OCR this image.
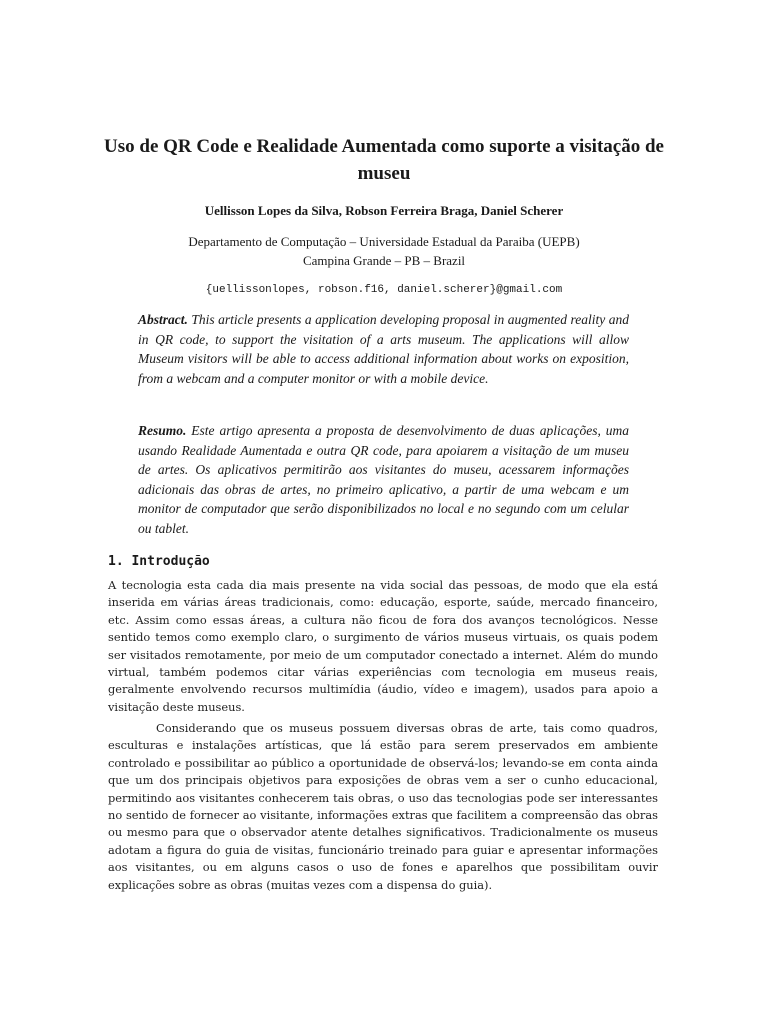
Uso de QR Code e Realidade Aumentada como suporte a visitação de museu

Uellisson Lopes da Silva, Robson Ferreira Braga, Daniel Scherer

Departamento de Computação – Universidade Estadual da Paraiba (UEPB)
Campina Grande – PB – Brazil

{uellissonlopes, robson.f16, daniel.scherer}@gmail.com

Abstract. This article presents a application developing proposal in augmented reality and in QR code, to support the visitation of a arts museum. The applications will allow Museum visitors will be able to access additional information about works on exposition, from a webcam and a computer monitor or with a mobile device.

Resumo. Este artigo apresenta a proposta de desenvolvimento de duas aplicações, uma usando Realidade Aumentada e outra QR code, para apoiarem a visitação de um museu de artes. Os aplicativos permitirão aos visitantes do museu, acessarem informações adicionais das obras de artes, no primeiro aplicativo, a partir de uma webcam e um monitor de computador que serão disponibilizados no local e no segundo com um celular ou tablet.

1. Introdução

A tecnologia esta cada dia mais presente na vida social das pessoas, de modo que ela está inserida em várias áreas tradicionais, como: educação, esporte, saúde, mercado financeiro, etc. Assim como essas áreas, a cultura não ficou de fora dos avanços tecnológicos. Nesse sentido temos como exemplo claro, o surgimento de vários museus virtuais, os quais podem ser visitados remotamente, por meio de um computador conectado a internet. Além do mundo virtual, também podemos citar várias experiências com tecnologia em museus reais, geralmente envolvendo recursos multimídia (áudio, vídeo e imagem), usados para apoio a visitação deste museus.

Considerando que os museus possuem diversas obras de arte, tais como quadros, esculturas e instalações artísticas, que lá estão para serem preservados em ambiente controlado e possibilitar ao público a oportunidade de observá-los; levando-se em conta ainda que um dos principais objetivos para exposições de obras vem a ser o cunho educacional, permitindo aos visitantes conhecerem tais obras, o uso das tecnologias pode ser interessantes no sentido de fornecer ao visitante, informações extras que facilitem a compreensão das obras ou mesmo para que o observador atente detalhes significativos. Tradicionalmente os museus adotam a figura do guia de visitas, funcionário treinado para guiar e apresentar informações aos visitantes, ou em alguns casos o uso de fones e aparelhos que possibilitam ouvir explicações sobre as obras (muitas vezes com a dispensa do guia).
